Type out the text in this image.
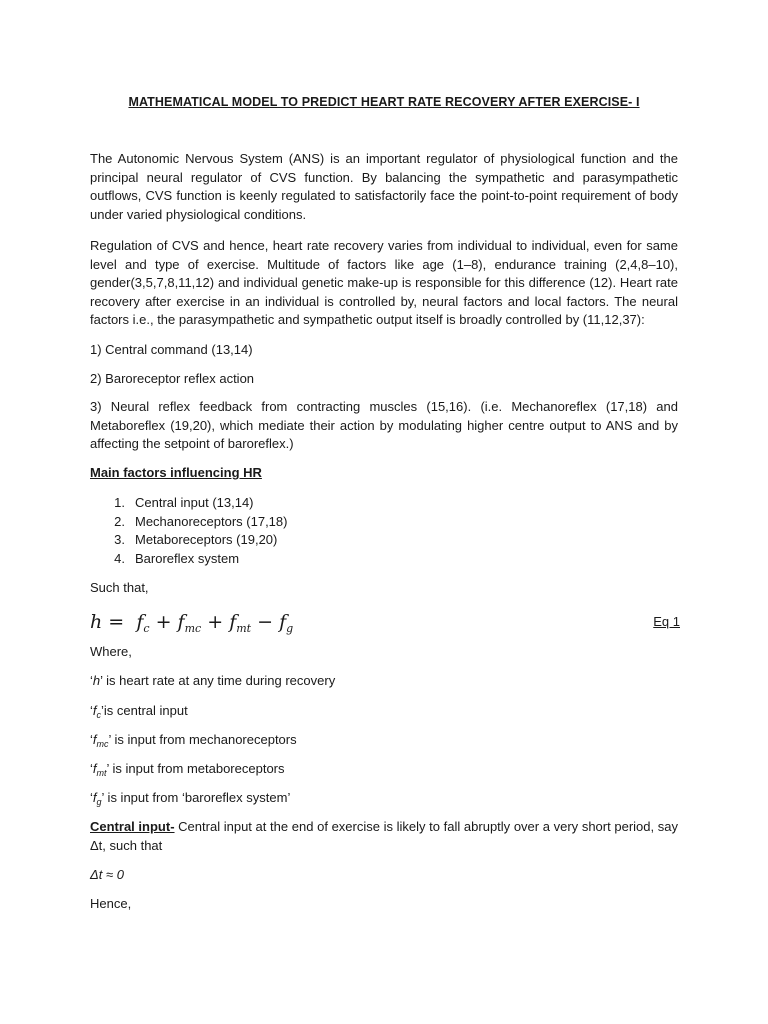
MATHEMATICAL MODEL TO PREDICT HEART RATE RECOVERY AFTER EXERCISE- I

The Autonomic Nervous System (ANS) is an important regulator of physiological function and the principal neural regulator of CVS function. By balancing the sympathetic and parasympathetic outflows, CVS function is keenly regulated to satisfactorily face the point-to-point requirement of body under varied physiological conditions.

Regulation of CVS and hence, heart rate recovery varies from individual to individual, even for same level and type of exercise. Multitude of factors like age (1–8), endurance training (2,4,8–10), gender(3,5,7,8,11,12) and individual genetic make-up is responsible for this difference (12). Heart rate recovery after exercise in an individual is controlled by, neural factors and local factors. The neural factors i.e., the parasympathetic and sympathetic output itself is broadly controlled by (11,12,37):

1) Central command (13,14)

2) Baroreceptor reflex action

3) Neural reflex feedback from contracting muscles (15,16). (i.e. Mechanoreflex (17,18) and Metaboreflex (19,20), which mediate their action by modulating higher centre output to ANS and by affecting the setpoint of baroreflex.)

Main factors influencing HR

1. Central input (13,14)
2. Mechanoreceptors (17,18)
3. Metaboreceptors (19,20)
4. Baroreflex system

Such that,

$h = f_c + f_{mc} + f_{mt} - f_g$	Eq 1

Where,

‘h’ is heart rate at any time during recovery

‘$f_c’is$ central input

‘$f_{mc}$’ is input from mechanoreceptors

‘$f_{mt}$’ is input from metaboreceptors

‘$f_g$’ is input from ‘baroreflex system’

Central input- Central input at the end of exercise is likely to fall abruptly over a very short period, say Δt, such that

Δt ≈ 0

Hence,
